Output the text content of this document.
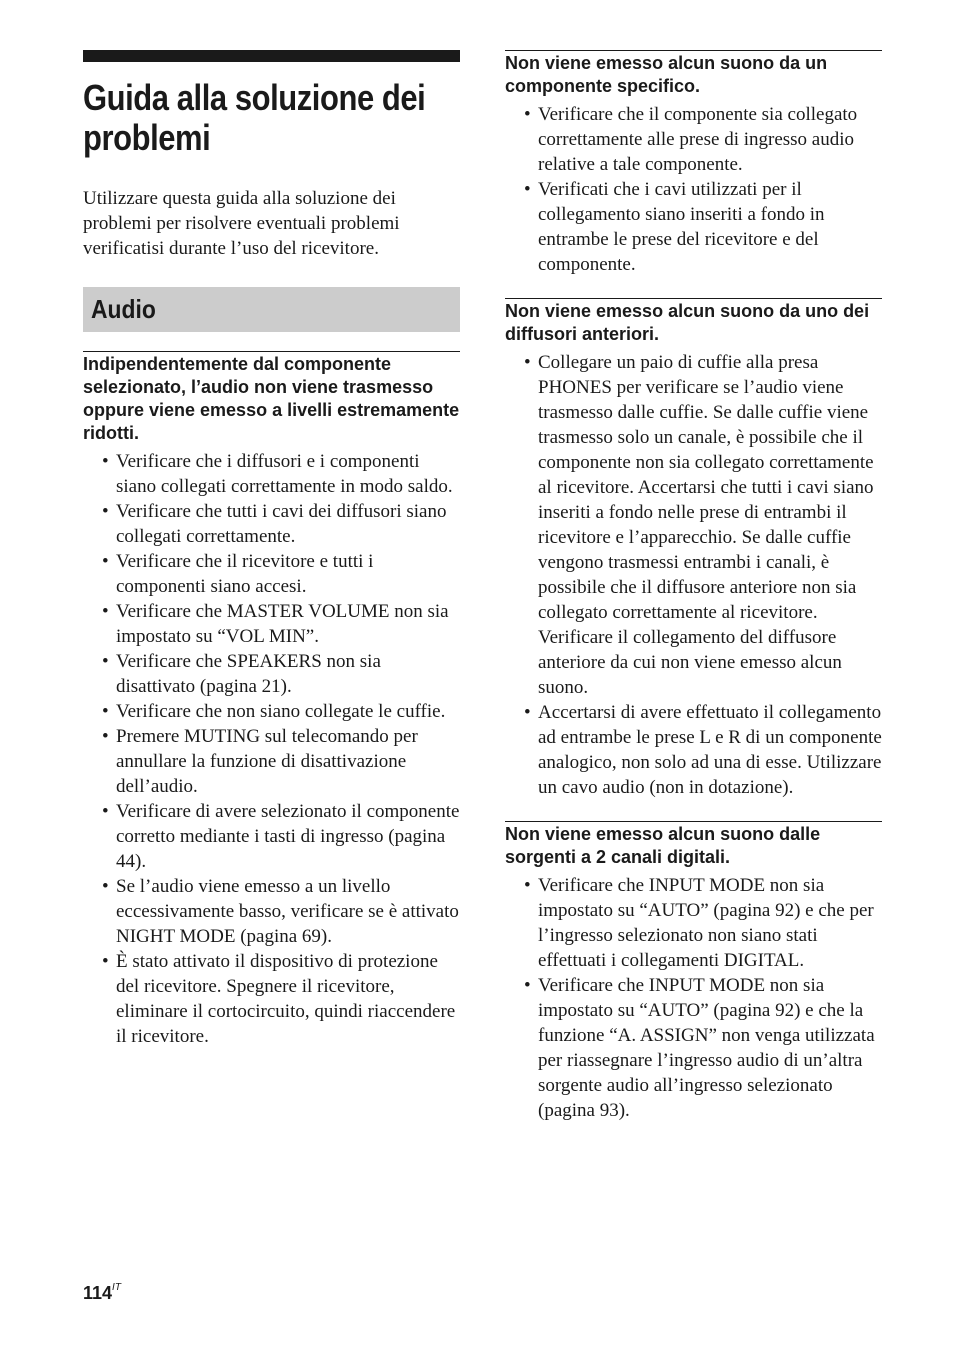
Guida alla soluzione dei problemi

Utilizzare questa guida alla soluzione dei problemi per risolvere eventuali problemi verificatisi durante l’uso del ricevitore.

Audio
Indipendentemente dal componente selezionato, l’audio non viene trasmesso oppure viene emesso a livelli estremamente ridotti.
• Verificare che i diffusori e i componenti siano collegati correttamente in modo saldo.
• Verificare che tutti i cavi dei diffusori siano collegati correttamente.
• Verificare che il ricevitore e tutti i componenti siano accesi.
• Verificare che MASTER VOLUME non sia impostato su “VOL MIN”.
• Verificare che SPEAKERS non sia disattivato (pagina 21).
• Verificare che non siano collegate le cuffie.
• Premere MUTING sul telecomando per annullare la funzione di disattivazione dell’audio.
• Verificare di avere selezionato il componente corretto mediante i tasti di ingresso (pagina 44).
• Se l’audio viene emesso a un livello eccessivamente basso, verificare se è attivato NIGHT MODE (pagina 69).
• È stato attivato il dispositivo di protezione del ricevitore. Spegnere il ricevitore, eliminare il cortocircuito, quindi riaccendere il ricevitore.
Non viene emesso alcun suono da un componente specifico.
• Verificare che il componente sia collegato correttamente alle prese di ingresso audio relative a tale componente.
• Verificati che i cavi utilizzati per il collegamento siano inseriti a fondo in entrambe le prese del ricevitore e del componente.
Non viene emesso alcun suono da uno dei diffusori anteriori.
• Collegare un paio di cuffie alla presa PHONES per verificare se l’audio viene trasmesso dalle cuffie. Se dalle cuffie viene trasmesso solo un canale, è possibile che il componente non sia collegato correttamente al ricevitore. Accertarsi che tutti i cavi siano inseriti a fondo nelle prese di entrambi il ricevitore e l’apparecchio. Se dalle cuffie vengono trasmessi entrambi i canali, è possibile che il diffusore anteriore non sia collegato correttamente al ricevitore. Verificare il collegamento del diffusore anteriore da cui non viene emesso alcun suono.
• Accertarsi di avere effettuato il collegamento ad entrambe le prese L e R di un componente analogico, non solo ad una di esse. Utilizzare un cavo audio (non in dotazione).
Non viene emesso alcun suono dalle sorgenti a 2 canali digitali.
• Verificare che INPUT MODE non sia impostato su “AUTO” (pagina 92) e che per l’ingresso selezionato non siano stati effettuati i collegamenti DIGITAL.
• Verificare che INPUT MODE non sia impostato su “AUTO” (pagina 92) e che la funzione “A. ASSIGN” non venga utilizzata per riassegnare l’ingresso audio di un’altra sorgente audio all’ingresso selezionato (pagina 93).
$114^{IT}$
